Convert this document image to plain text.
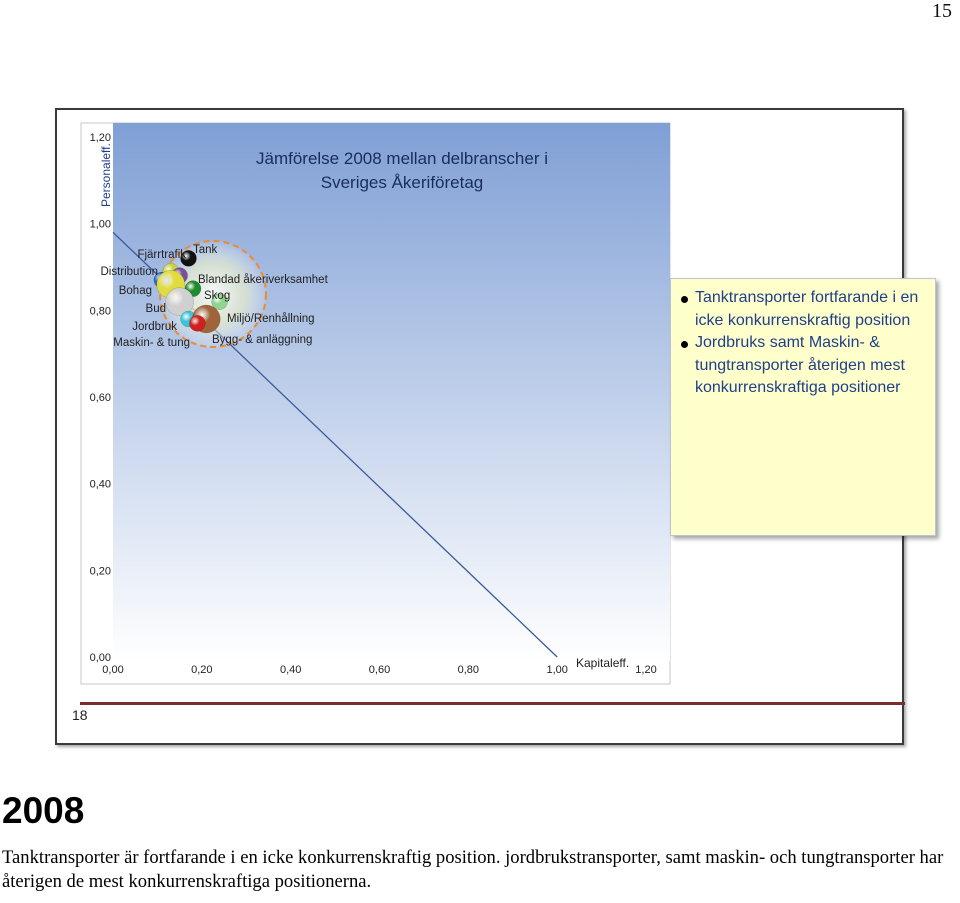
15
0,00
0,20
0,40
0,60
0,80
1,00
1,20
0,00	0,20	0,40	0,60	0,80	1,00	1,20
Personaleff.
Kapitaleff.
Jämförelse 2008 mellan delbranscher i
Sveriges Åkeriföretag
Fjärrtrafik Tank
Distribution
Blandad åkeriverksamhet
Bohag	Skog
Bud
Miljö/Renhållning
Jordbruk
Maskin- & tung Bygg- & anläggning
Tanktransporter fortfarande i en icke konkurrenskraftig position
Jordbruks samt Maskin- & tungtransporter återigen mest konkurrenskraftiga positioner
18
2008
Tanktransporter är fortfarande i en icke konkurrenskraftig position. jordbrukstransporter, samt maskin- och tungtransporter har återigen de mest konkurrenskraftiga positionerna.
